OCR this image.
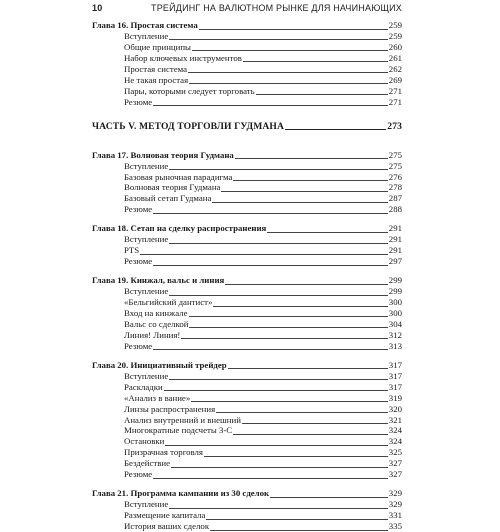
10	ТРЕЙДИНГ НА ВАЛЮТНОМ РЫНКЕ ДЛЯ НАЧИНАЮЩИХ
Глава 16. Простая система	259
Вступление	259
Общие принципы	260
Набор ключевых инструментов	261
Простая система	262
Не такая простая	269
Пары, которыми следует торговать	271
Резюме	271
ЧАСТЬ V. МЕТОД ТОРГОВЛИ ГУДМАНА	273
Глава 17. Волновая теория Гудмана	275
Вступление	275
Базовая рыночная парадигма	276
Волновая теория Гудмана	278
Базовый сетап Гудмана	287
Резюме	288
Глава 18. Сетап на сделку распространения	291
Вступление	291
PTS	291
Резюме	297
Глава 19. Кинжал, вальс и линия	299
Вступление	299
«Бельгийский дантист»	300
Вход на кинжале	300
Вальс со сделкой	304
Линия! Линия!	312
Резюме	313
Глава 20. Инициативный трейдер	317
Вступление	317
Раскладки	317
«Анализ в вание»	319
Линзы распространения	320
Анализ внутренний и внешний	321
Многократные подсчеты 3-С	324
Остановки	324
Призрачная торговля	325
Бездействие	327
Резюме	327
Глава 21. Программа кампании из 30 сделок	329
Вступление	329
Размещение капитала	331
История ваших сделок	335
